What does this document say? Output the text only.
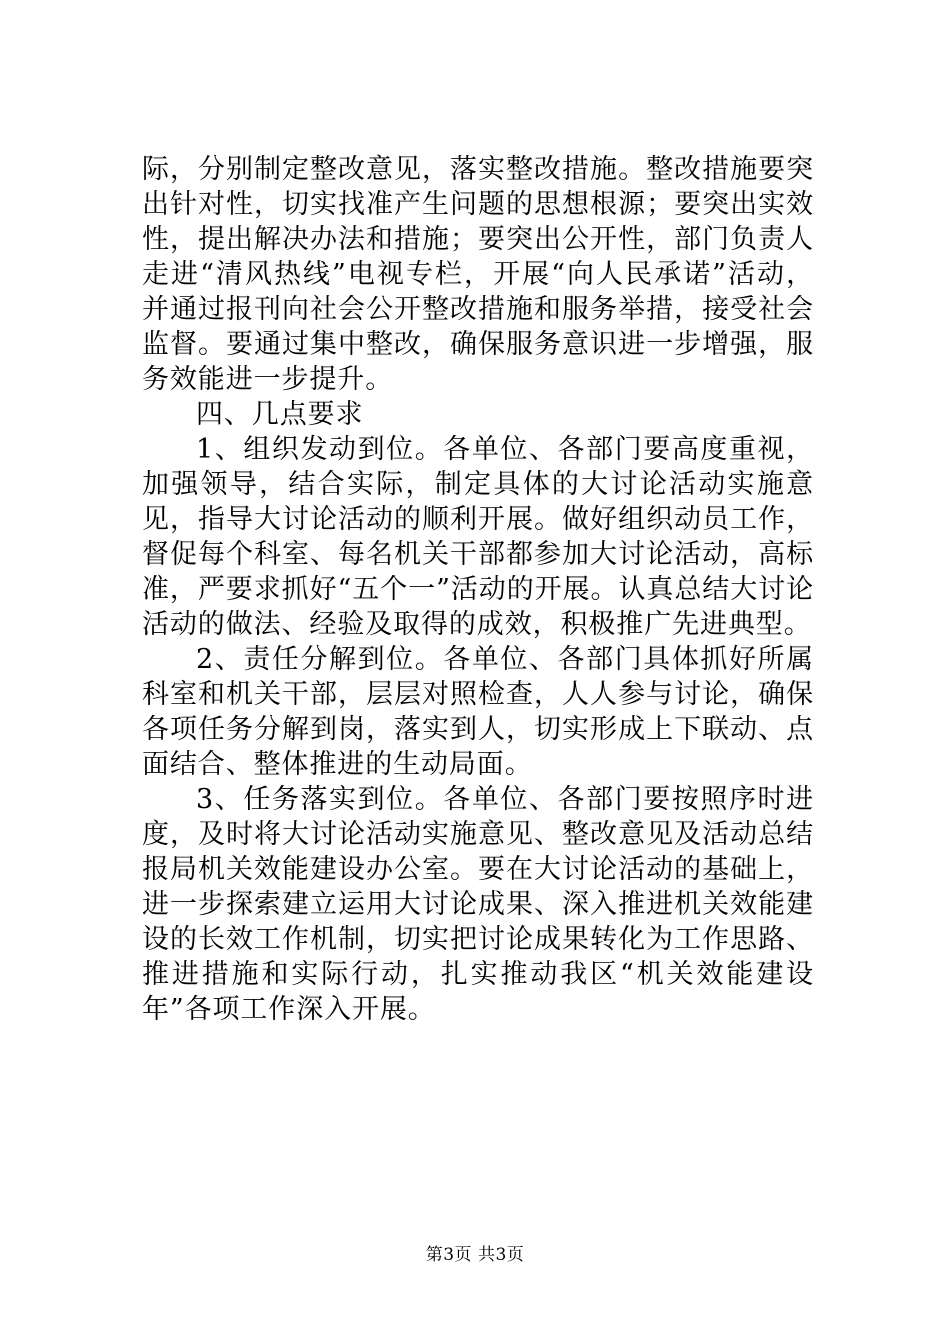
际，分别制定整改意见，落实整改措施。整改措施要突出针对性，切实找准产生问题的思想根源；要突出实效性，提出解决办法和措施；要突出公开性，部门负责人走进“清风热线”电视专栏，开展“向人民承诺”活动，并通过报刊向社会公开整改措施和服务举措，接受社会监督。要通过集中整改，确保服务意识进一步增强，服务效能进一步提升。

四、几点要求

1、组织发动到位。各单位、各部门要高度重视，加强领导，结合实际，制定具体的大讨论活动实施意见，指导大讨论活动的顺利开展。做好组织动员工作，督促每个科室、每名机关干部都参加大讨论活动，高标准，严要求抓好“五个一”活动的开展。认真总结大讨论活动的做法、经验及取得的成效，积极推广先进典型。

2、责任分解到位。各单位、各部门具体抓好所属科室和机关干部，层层对照检查，人人参与讨论，确保各项任务分解到岗，落实到人，切实形成上下联动、点面结合、整体推进的生动局面。

3、任务落实到位。各单位、各部门要按照序时进度，及时将大讨论活动实施意见、整改意见及活动总结报局机关效能建设办公室。要在大讨论活动的基础上，进一步探索建立运用大讨论成果、深入推进机关效能建设的长效工作机制，切实把讨论成果转化为工作思路、推进措施和实际行动，扎实推动我区“机关效能建设年”各项工作深入开展。

第3页 共3页
